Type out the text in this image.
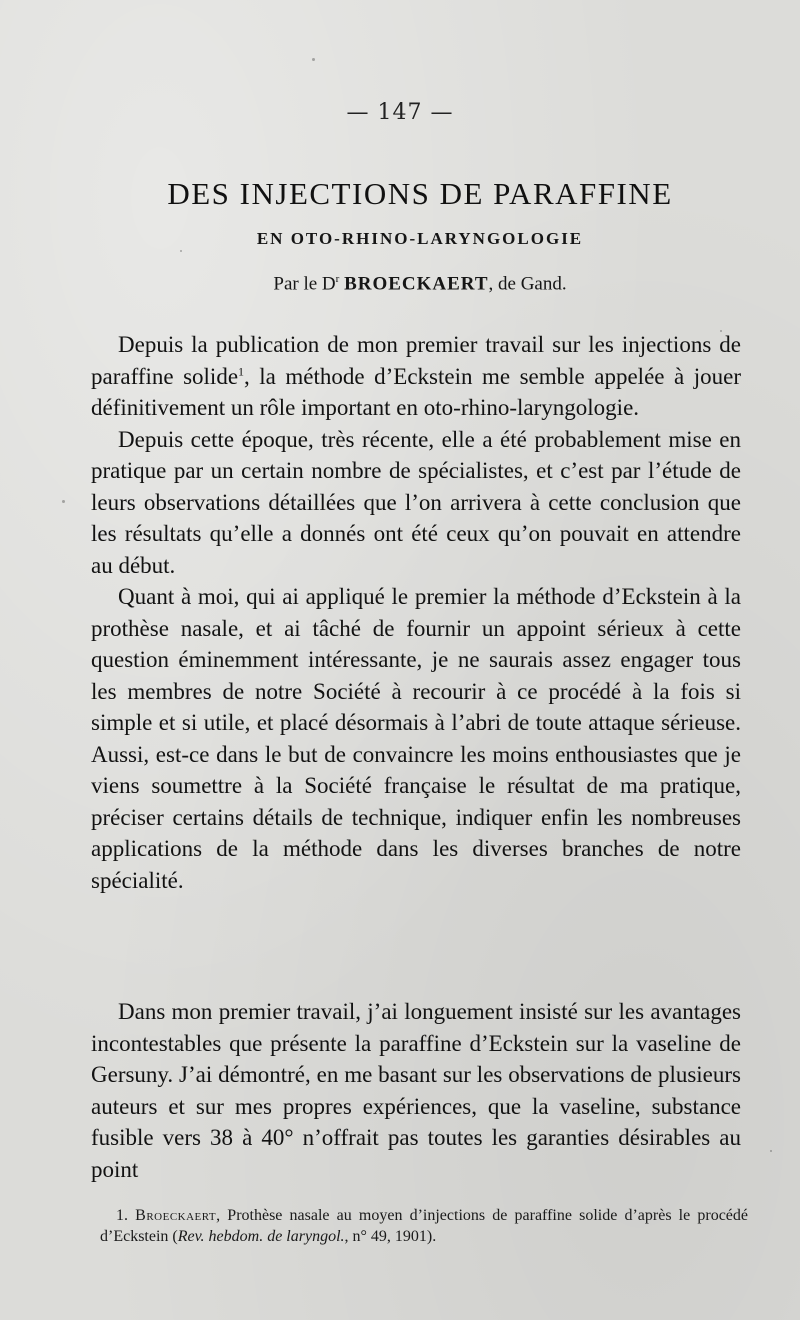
— 147 —
DES INJECTIONS DE PARAFFINE
EN OTO-RHINO-LARYNGOLOGIE
Par le $D^r$ BROECKAERT, de Gand.

Depuis la publication de mon premier travail sur les injections de paraffine solide$^1$, la méthode d’Eckstein me semble appelée à jouer définitivement un rôle important en oto-rhino-laryngologie.

Depuis cette époque, très récente, elle a été probablement mise en pratique par un certain nombre de spécialistes, et c’est par l’étude de leurs observations détaillées que l’on arrivera à cette conclusion que les résultats qu’elle a donnés ont été ceux qu’on pouvait en attendre au début.

Quant à moi, qui ai appliqué le premier la méthode d’Eckstein à la prothèse nasale, et ai tâché de fournir un appoint sérieux à cette question éminemment intéressante, je ne saurais assez engager tous les membres de notre Société à recourir à ce procédé à la fois si simple et si utile, et placé désormais à l’abri de toute attaque sérieuse. Aussi, est-ce dans le but de convaincre les moins enthousiastes que je viens soumettre à la Société française le résultat de ma pratique, préciser certains détails de technique, indiquer enfin les nombreuses applications de la méthode dans les diverses branches de notre spécialité.

Dans mon premier travail, j’ai longuement insisté sur les avantages incontestables que présente la paraffine d’Eckstein sur la vaseline de Gersuny. J’ai démontré, en me basant sur les observations de plusieurs auteurs et sur mes propres expériences, que la vaseline, substance fusible vers 38 à 40° n’offrait pas toutes les garanties désirables au point

1. Broeckaert, Prothèse nasale au moyen d’injections de paraffine solide d’après le procédé d’Eckstein (Rev. hebdom. de laryngol., n° 49, 1901).
